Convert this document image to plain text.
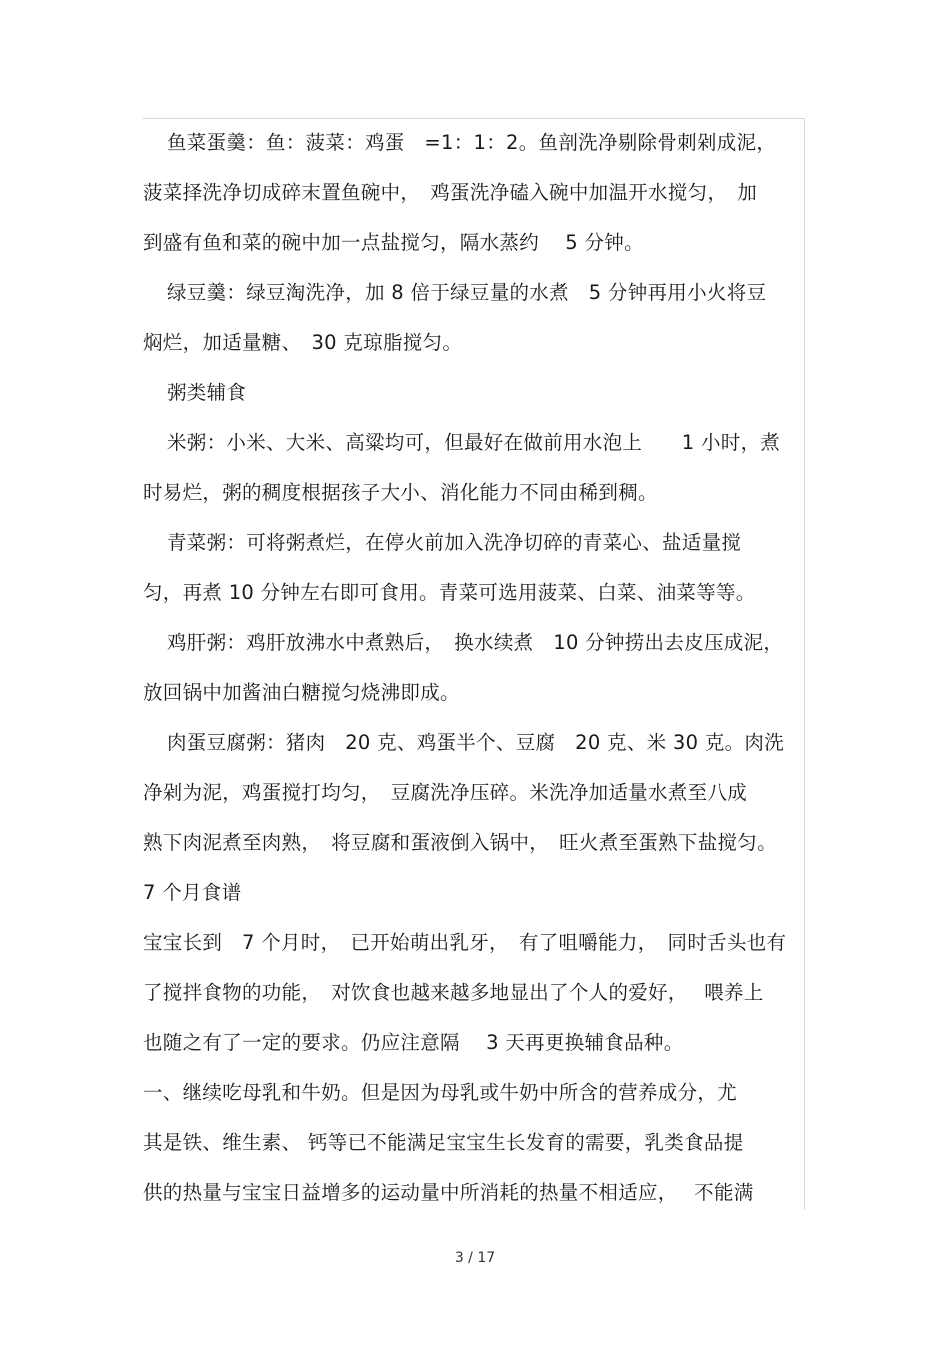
鱼菜蛋羹：鱼：菠菜：鸡蛋　=1：1：2。鱼剖洗净剔除骨刺剁成泥，
菠菜择洗净切成碎末置鱼碗中，　鸡蛋洗净磕入碗中加温开水搅匀，　加
到盛有鱼和菜的碗中加一点盐搅匀，隔水蒸约　 5 分钟。
绿豆羹：绿豆淘洗净，加 8 倍于绿豆量的水煮　5 分钟再用小火将豆
焖烂，加适量糖、　30 克琼脂搅匀。
粥类辅食
米粥：小米、大米、高粱均可，但最好在做前用水泡上　　1 小时，煮
时易烂，粥的稠度根据孩子大小、消化能力不同由稀到稠。
青菜粥：可将粥煮烂，在停火前加入洗净切碎的青菜心、盐适量搅
匀，再煮 10 分钟左右即可食用。青菜可选用菠菜、白菜、油菜等等。
鸡肝粥：鸡肝放沸水中煮熟后，　换水续煮　10 分钟捞出去皮压成泥，
放回锅中加酱油白糖搅匀烧沸即成。
肉蛋豆腐粥：猪肉　20 克、鸡蛋半个、豆腐　20 克、米 30 克。肉洗
净剁为泥，鸡蛋搅打均匀，　豆腐洗净压碎。米洗净加适量水煮至八成
熟下肉泥煮至肉熟，　将豆腐和蛋液倒入锅中，　旺火煮至蛋熟下盐搅匀。
7 个月食谱
宝宝长到　7 个月时，　已开始萌出乳牙，　有了咀嚼能力，　同时舌头也有
了搅拌食物的功能，　对饮食也越来越多地显出了个人的爱好，　 喂养上
也随之有了一定的要求。仍应注意隔　 3 天再更换辅食品种。
一、继续吃母乳和牛奶。但是因为母乳或牛奶中所含的营养成分，尤
其是铁、维生素、 钙等已不能满足宝宝生长发育的需要，乳类食品提
供的热量与宝宝日益增多的运动量中所消耗的热量不相适应，　 不能满
3 / 17
